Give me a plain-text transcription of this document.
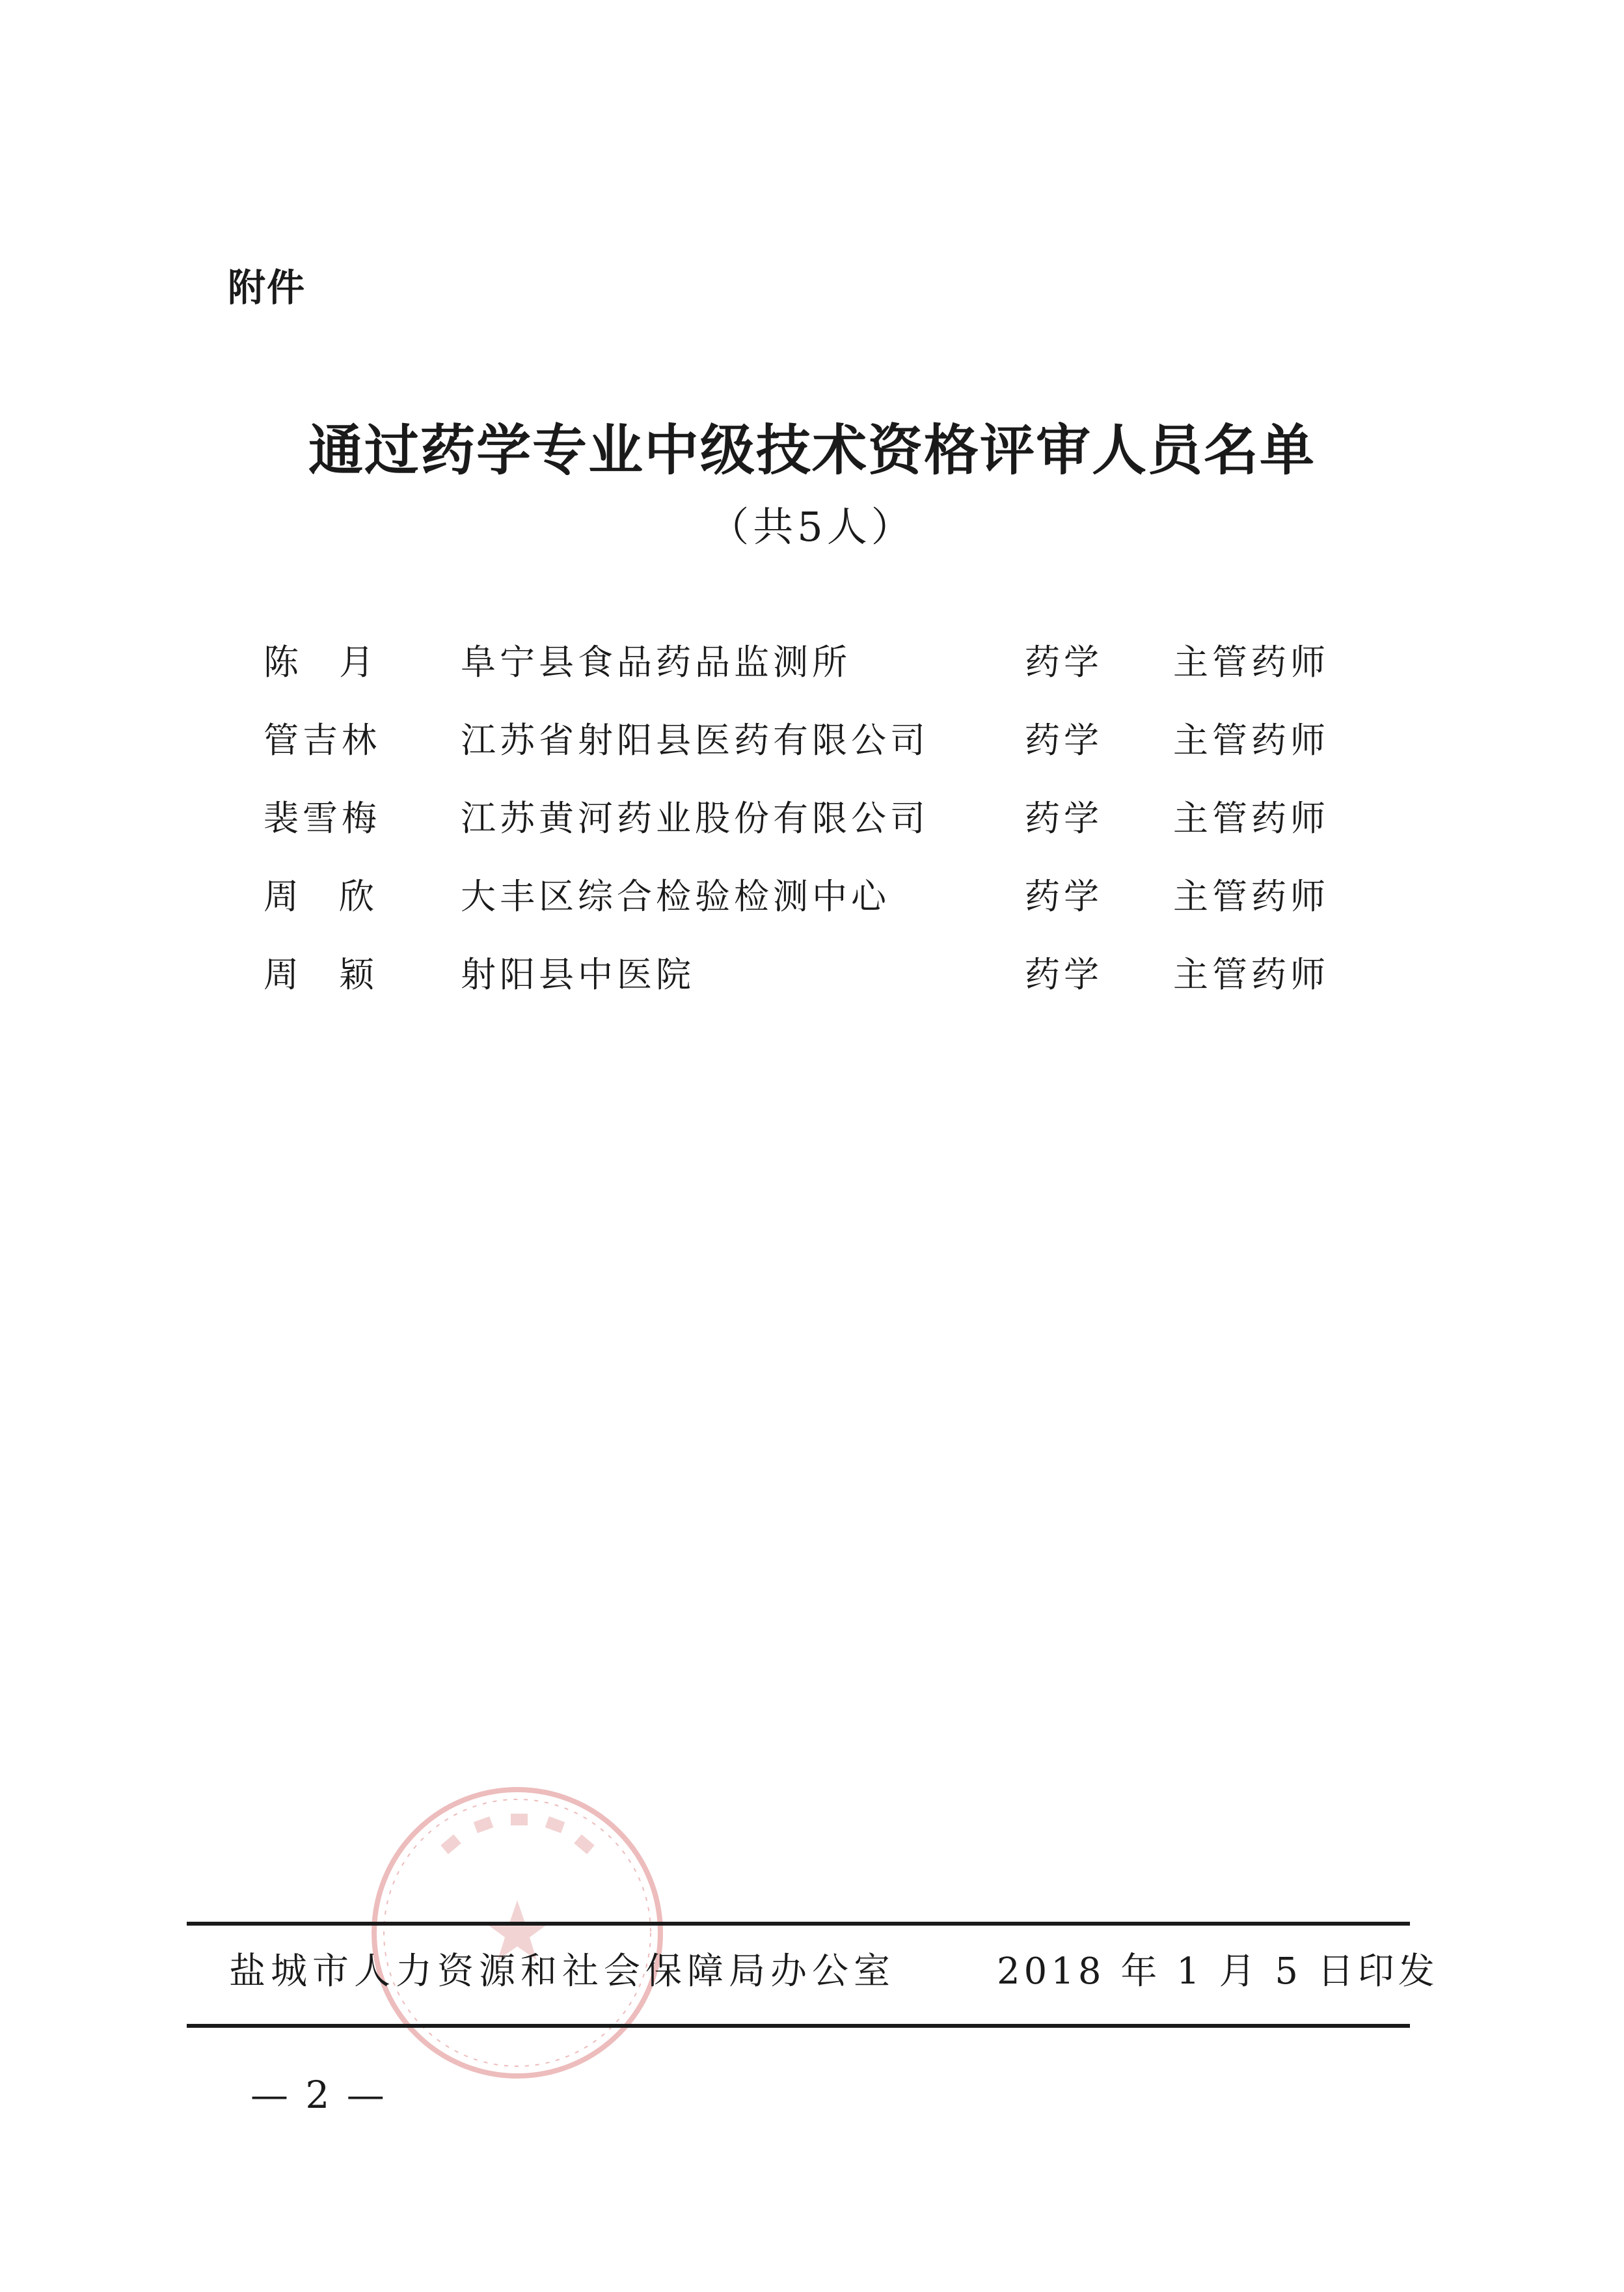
附件
通过药学专业中级技术资格评审人员名单
（共5人）
陈月 阜宁县食品药品监测所	药学 主管药师
管吉林	江苏省射阳县医药有限公司	药学 主管药师
裴雪梅	江苏黄河药业股份有限公司	药学 主管药师
周欣 大丰区综合检验检测中心	药学 主管药师
周颖 射阳县中医院	药学 主管药师
盐城市人力资源和社会保障局办公室	2018 年 1 月 5 日印发
— 2 —
